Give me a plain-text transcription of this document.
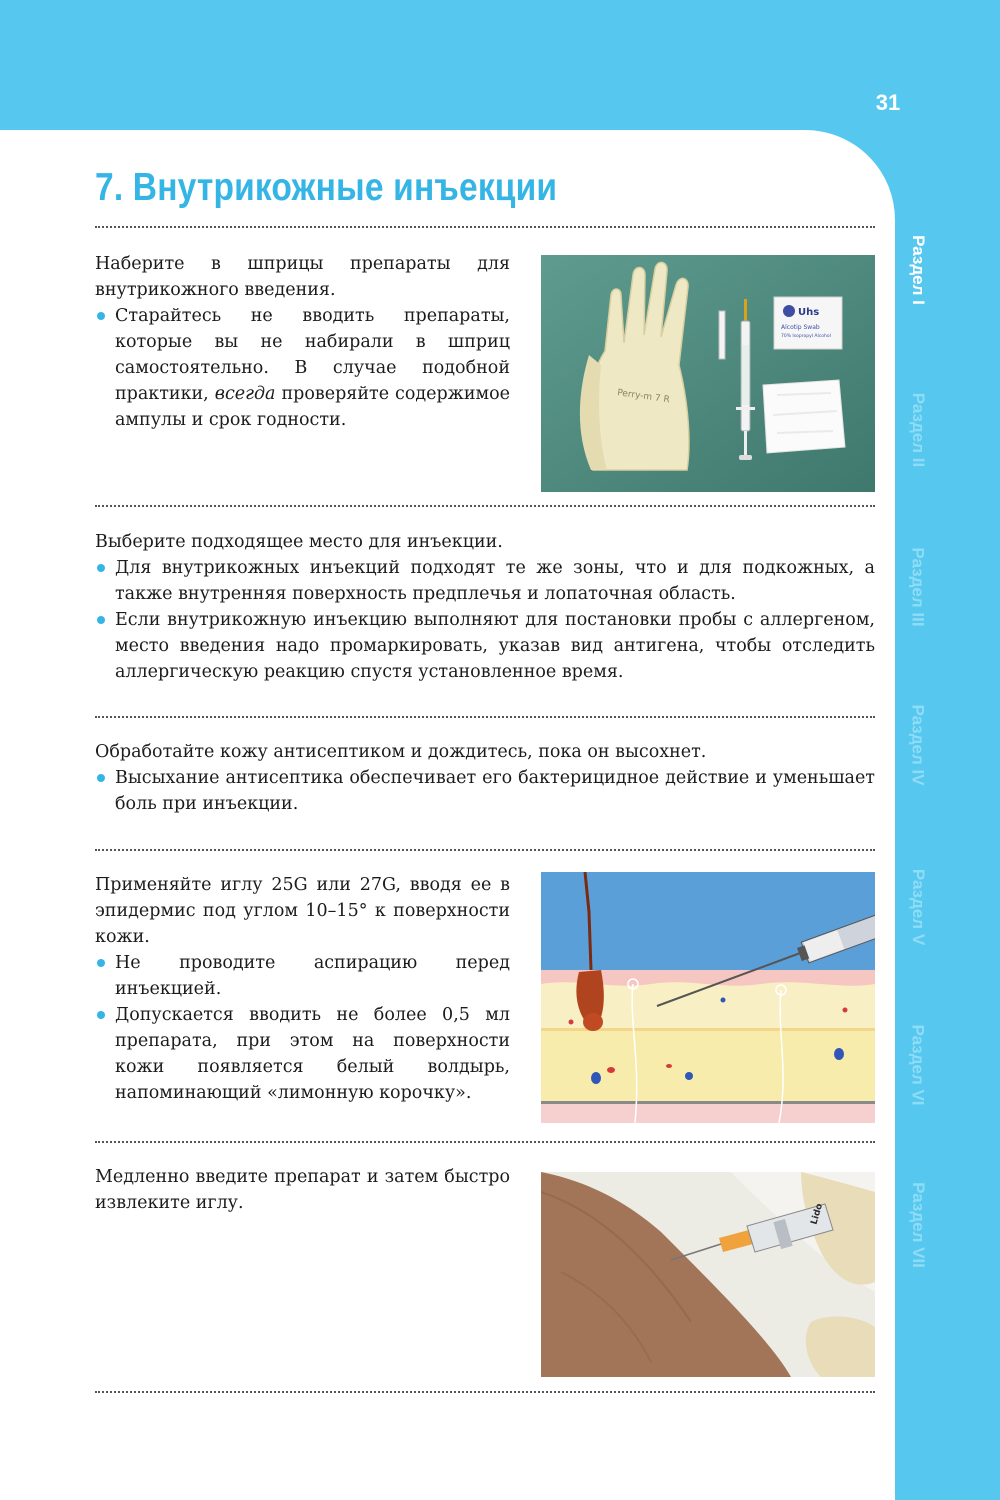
31
Раздел I
Раздел II
Раздел III
Раздел IV
Раздел V
Раздел VI
Раздел VII
7. Внутрикожные инъекции

Наберите в шприцы препараты для внутрикожного введения.

Старайтесь не вводить препараты, которые вы не набирали в шприц самостоятельно. В случае подобной практики, всегда проверяйте содержимое ампулы и срок годности.
Perry-m 7 R
Uhs
Alcotip Swab
70% Isopropyl Alcohol

Выберите подходящее место для инъекции.

Для внутрикожных инъекций подходят те же зоны, что и для подкожных, а также внутренняя поверхность предплечья и лопаточная область.
Если внутрикожную инъекцию выполняют для постановки пробы с аллергеном, место введения надо промаркировать, указав вид антигена, чтобы отследить аллергическую реакцию спустя установленное время.

Обработайте кожу антисептиком и дождитесь, пока он высохнет.

Высыхание антисептика обеспечивает его бактерицидное действие и уменьшает боль при инъекции.

Применяйте иглу 25G или 27G, вводя ее в эпидермис под углом 10–15° к поверхности кожи.

Не проводите аспирацию перед инъекцией.
Допускается вводить не более 0,5 мл препарата, при этом на поверхности кожи появляется белый волдырь, напоминающий «лимонную корочку».

Медленно введите препарат и затем быстро извлеките иглу.	Lido
